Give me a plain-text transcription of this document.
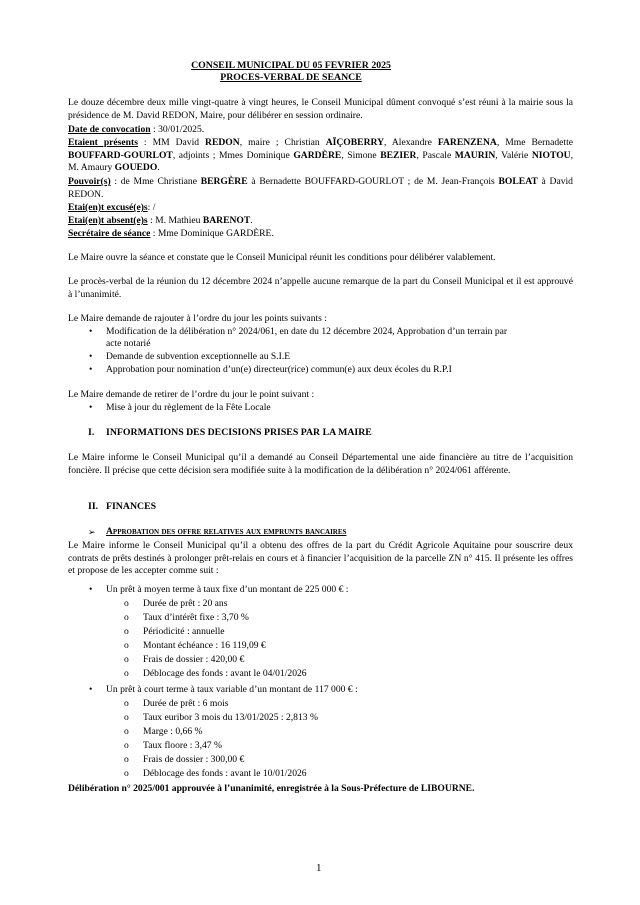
CONSEIL MUNICIPAL DU 05 FEVRIER 2025
PROCES-VERBAL DE SEANCE

Le douze décembre deux mille vingt-quatre à vingt heures, le Conseil Municipal dûment convoqué s’est réuni à la mairie sous la présidence de M. David REDON, Maire, pour délibérer en session ordinaire.

Date de convocation : 30/01/2025.

Etaient présents : MM David REDON, maire ; Christian AÏÇOBERRY, Alexandre FARENZENA, Mme Bernadette BOUFFARD-GOURLOT, adjoints ; Mmes Dominique GARDÈRE, Simone BEZIER, Pascale MAURIN, Valérie NIOTOU, M. Amaury GOUEDO.

Pouvoir(s) : de Mme Christiane BERGÈRE à Bernadette BOUFFARD-GOURLOT ; de M. Jean-François BOLEAT à David REDON.

Etai(en)t excusé(e)s: /
Etai(en)t absent(e)s : M. Mathieu BARENOT.
Secrétaire de séance : Mme Dominique GARDÈRE.

Le Maire ouvre la séance et constate que le Conseil Municipal réunit les conditions pour délibérer valablement.

Le procès-verbal de la réunion du 12 décembre 2024 n’appelle aucune remarque de la part du Conseil Municipal et il est approuvé à l’unanimité.

Le Maire demande de rajouter à l’ordre du jour les points suivants :

•	Modification de la délibération n° 2024/061, en date du 12 décembre 2024, Approbation d’un terrain par
acte notarié
•	Demande de subvention exceptionnelle au S.I.E
•	Approbation pour nomination d’un(e) directeur(rice) commun(e) aux deux écoles du R.P.I

Le Maire demande de retirer de l’ordre du jour le point suivant :

•	Mise à jour du règlement de la Fête Locale
I. INFORMATIONS DES DECISIONS PRISES PAR LA MAIRE

Le Maire informe le Conseil Municipal qu’il a demandé au Conseil Départemental une aide financière au titre de l’acquisition foncière. Il précise que cette décision sera modifiée suite à la modification de la délibération n° 2024/061 afférente.

II. FINANCES
➢ Approbation des offre relatives aux emprunts bancaires

Le Maire informe le Conseil Municipal qu’il a obtenu des offres de la part du Crédit Agricole Aquitaine pour souscrire deux contrats de prêts destinés à prolonger prêt-relais en cours et à financier l’acquisition de la parcelle ZN n° 415. Il présente les offres et propose de les accepter comme suit :

•	Un prêt à moyen terme à taux fixe d’un montant de 225 000 € :
o	Durée de prêt : 20 ans
o	Taux d’intérêt fixe : 3,70 %
o	Périodicité : annuelle
o	Montant échéance : 16 119,09 €
o	Frais de dossier : 420,00 €
o	Déblocage des fonds : avant le 04/01/2026
•	Un prêt à court terme à taux variable d’un montant de 117 000 € :
o	Durée de prêt : 6 mois
o	Taux euribor 3 mois du 13/01/2025 : 2,813 %
o	Marge : 0,66 %
o	Taux floore : 3,47 %
o	Frais de dossier : 300,00 €
o	Déblocage des fonds : avant le 10/01/2026
Délibération n° 2025/001 approuvée à l’unanimité, enregistrée à la Sous-Préfecture de LIBOURNE.
1
